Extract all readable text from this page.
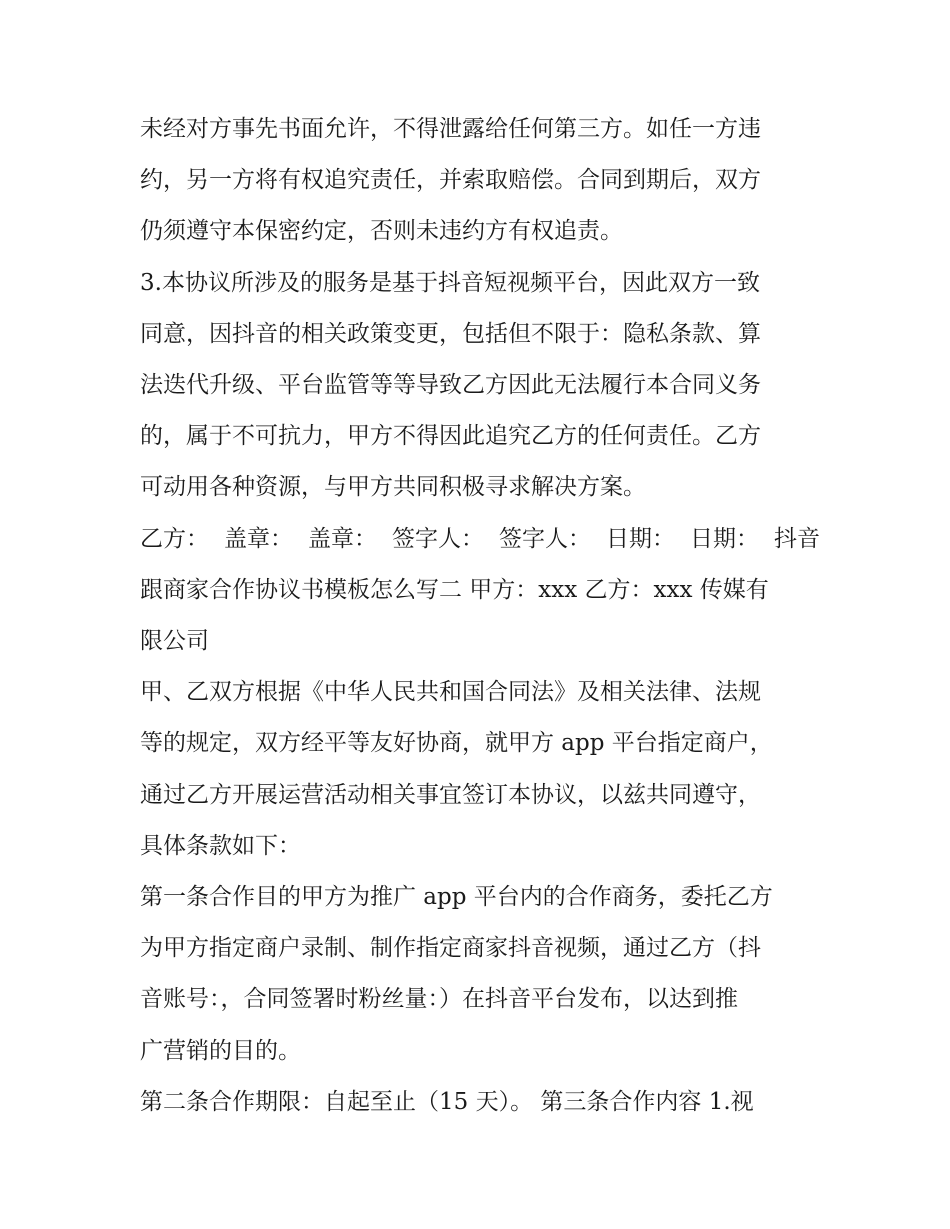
未经对方事先书面允许，不得泄露给任何第三方。如任一方违
约，另一方将有权追究责任，并索取赔偿。合同到期后，双方
仍须遵守本保密约定，否则未违约方有权追责。
3.本协议所涉及的服务是基于抖音短视频平台，因此双方一致
同意，因抖音的相关政策变更，包括但不限于：隐私条款、算
法迭代升级、平台监管等等导致乙方因此无法履行本合同义务
的，属于不可抗力，甲方不得因此追究乙方的任何责任。乙方
可动用各种资源，与甲方共同积极寻求解决方案。
乙方： 盖章： 盖章： 签字人： 签字人： 日期： 日期： 抖音
跟商家合作协议书模板怎么写二 甲方：xxx 乙方：xxx 传媒有
限公司
甲、乙双方根据《中华人民共和国合同法》及相关法律、法规
等的规定，双方经平等友好协商，就甲方 app 平台指定商户，
通过乙方开展运营活动相关事宜签订本协议，以兹共同遵守，
具体条款如下：
第一条合作目的甲方为推广 app 平台内的合作商务，委托乙方
为甲方指定商户录制、制作指定商家抖音视频，通过乙方（抖
音账号：，合同签署时粉丝量：）在抖音平台发布，以达到推
广营销的目的。
第二条合作期限：自起至止（15 天）。 第三条合作内容 1.视
